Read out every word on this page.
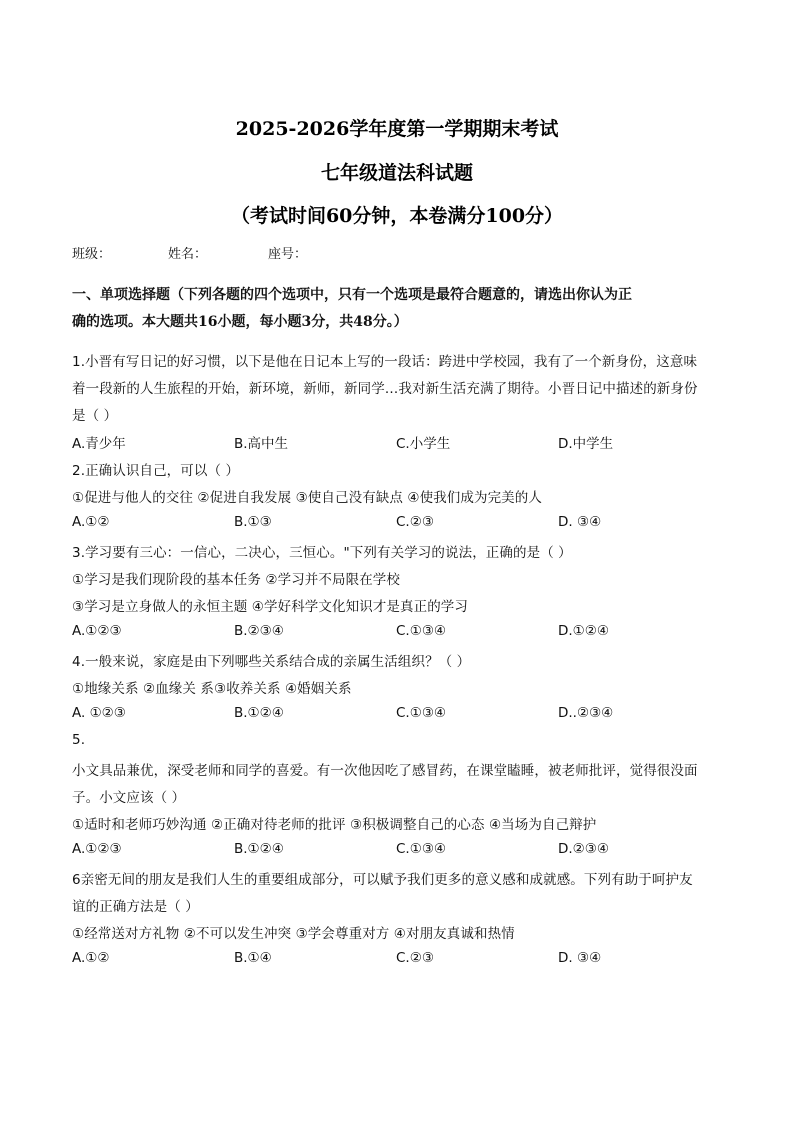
2025-2026学年度第一学期期末考试
七年级道法科试题
（考试时间60分钟，本卷满分100分）
班级：	姓名：	座号：
一、单项选择题（下列各题的四个选项中，只有一个选项是最符合题意的，请选出你认为正
确的选项。本大题共16小题，每小题3分，共48分。）
1.小晋有写日记的好习惯，以下是他在日记本上写的一段话：跨进中学校园，我有了一个新身份，这意味
着一段新的人生旅程的开始，新环境，新师，新同学…我对新生活充满了期待。小晋日记中描述的新身份
是（ ）
A.青少年	B.高中生	C.小学生	D.中学生
2.正确认识自己，可以（ ）
①促进与他人的交往 ②促进自我发展 ③使自己没有缺点 ④使我们成为完美的人
A.①②	B.①③	C.②③	D. ③④
3.学习要有三心：一信心，二决心，三恒心。"下列有关学习的说法，正确的是（ ）
①学习是我们现阶段的基本任务 ②学习并不局限在学校
③学习是立身做人的永恒主题 ④学好科学文化知识才是真正的学习
A.①②③	B.②③④	C.①③④	D.①②④
4.一般来说，家庭是由下列哪些关系结合成的亲属生活组织？（ ）
①地缘关系 ②血缘关 系③收养关系 ④婚姻关系
A. ①②③	B.①②④	C.①③④	D..②③④
5.
小文具品兼优，深受老师和同学的喜爱。有一次他因吃了感冒药，在课堂瞌睡，被老师批评，觉得很没面
子。小文应该（ ）
①适时和老师巧妙沟通 ②正确对待老师的批评 ③积极调整自己的心态 ④当场为自己辩护
A.①②③	B.①②④	C.①③④	D.②③④
6亲密无间的朋友是我们人生的重要组成部分，可以赋予我们更多的意义感和成就感。下列有助于呵护友
谊的正确方法是（ ）
①经常送对方礼物 ②不可以发生冲突 ③学会尊重对方 ④对朋友真诚和热情
A.①②	B.①④	C.②③	D. ③④
